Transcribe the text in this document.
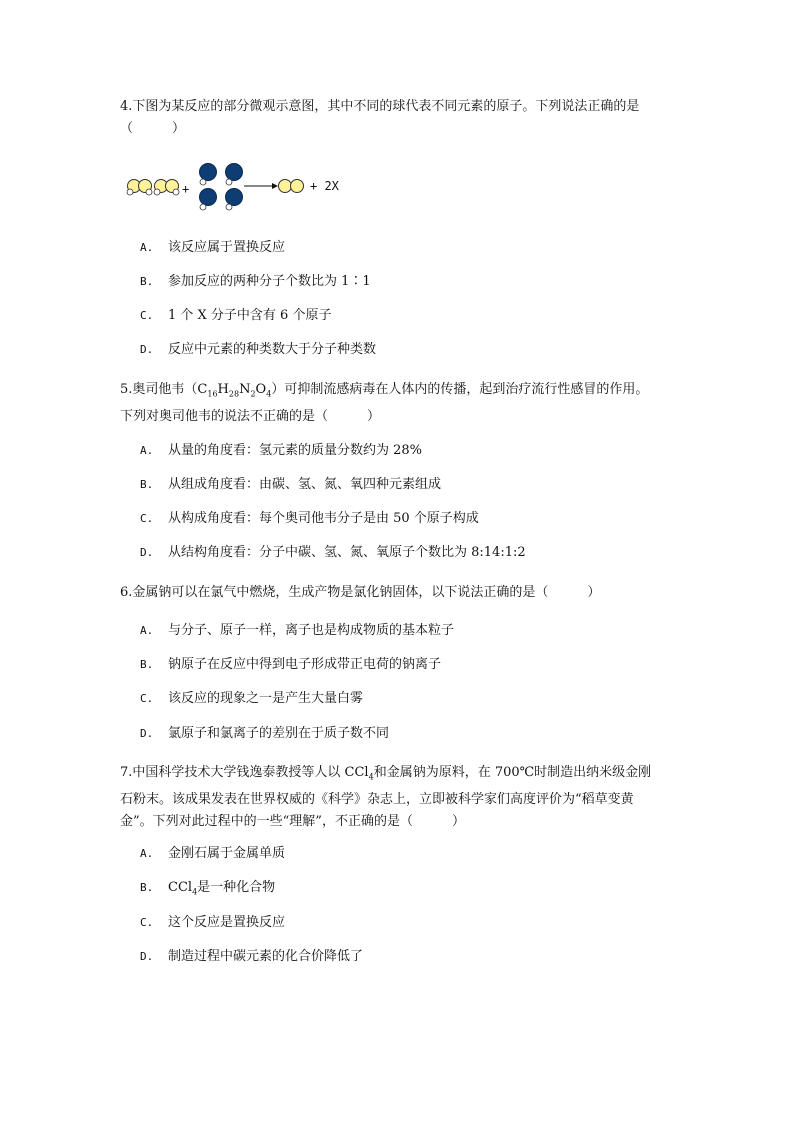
4.下图为某反应的部分微观示意图，其中不同的球代表不同元素的原子。下列说法正确的是
（　　　）
+	+ 2X
A. 该反应属于置换反应
B. 参加反应的两种分子个数比为 1∶1
C. 1 个 X 分子中含有 6 个原子
D. 反应中元素的种类数大于分子种类数
5.奥司他韦$(C_{16}H_{28}N_2O_4)$可抑制流感病毒在人体内的传播，起到治疗流行性感冒的作用。
下列对奥司他韦的说法不正确的是（　　　）
A. 从量的角度看：氢元素的质量分数约为 28%
B. 从组成角度看：由碳、氢、氮、氧四种元素组成
C. 从构成角度看：每个奥司他韦分子是由 50 个原子构成
D. 从结构角度看：分子中碳、氢、氮、氧原子个数比为 8:14:1:2
6.金属钠可以在氯气中燃烧，生成产物是氯化钠固体，以下说法正确的是（　　　）
A. 与分子、原子一样，离子也是构成物质的基本粒子
B. 钠原子在反应中得到电子形成带正电荷的钠离子
C. 该反应的现象之一是产生大量白雾
D. 氯原子和氯离子的差别在于质子数不同
7.中国科学技术大学钱逸泰教授等人以 CCl$_4$和金属钠为原料，在 700℃时制造出纳米级金刚
石粉末。该成果发表在世界权威的《科学》杂志上，立即被科学家们高度评价为“稻草变黄
金”。下列对此过程中的一些“理解”，不正确的是（　　　）
A. 金刚石属于金属单质
B. CCl$_4$是一种化合物
C. 这个反应是置换反应
D. 制造过程中碳元素的化合价降低了
